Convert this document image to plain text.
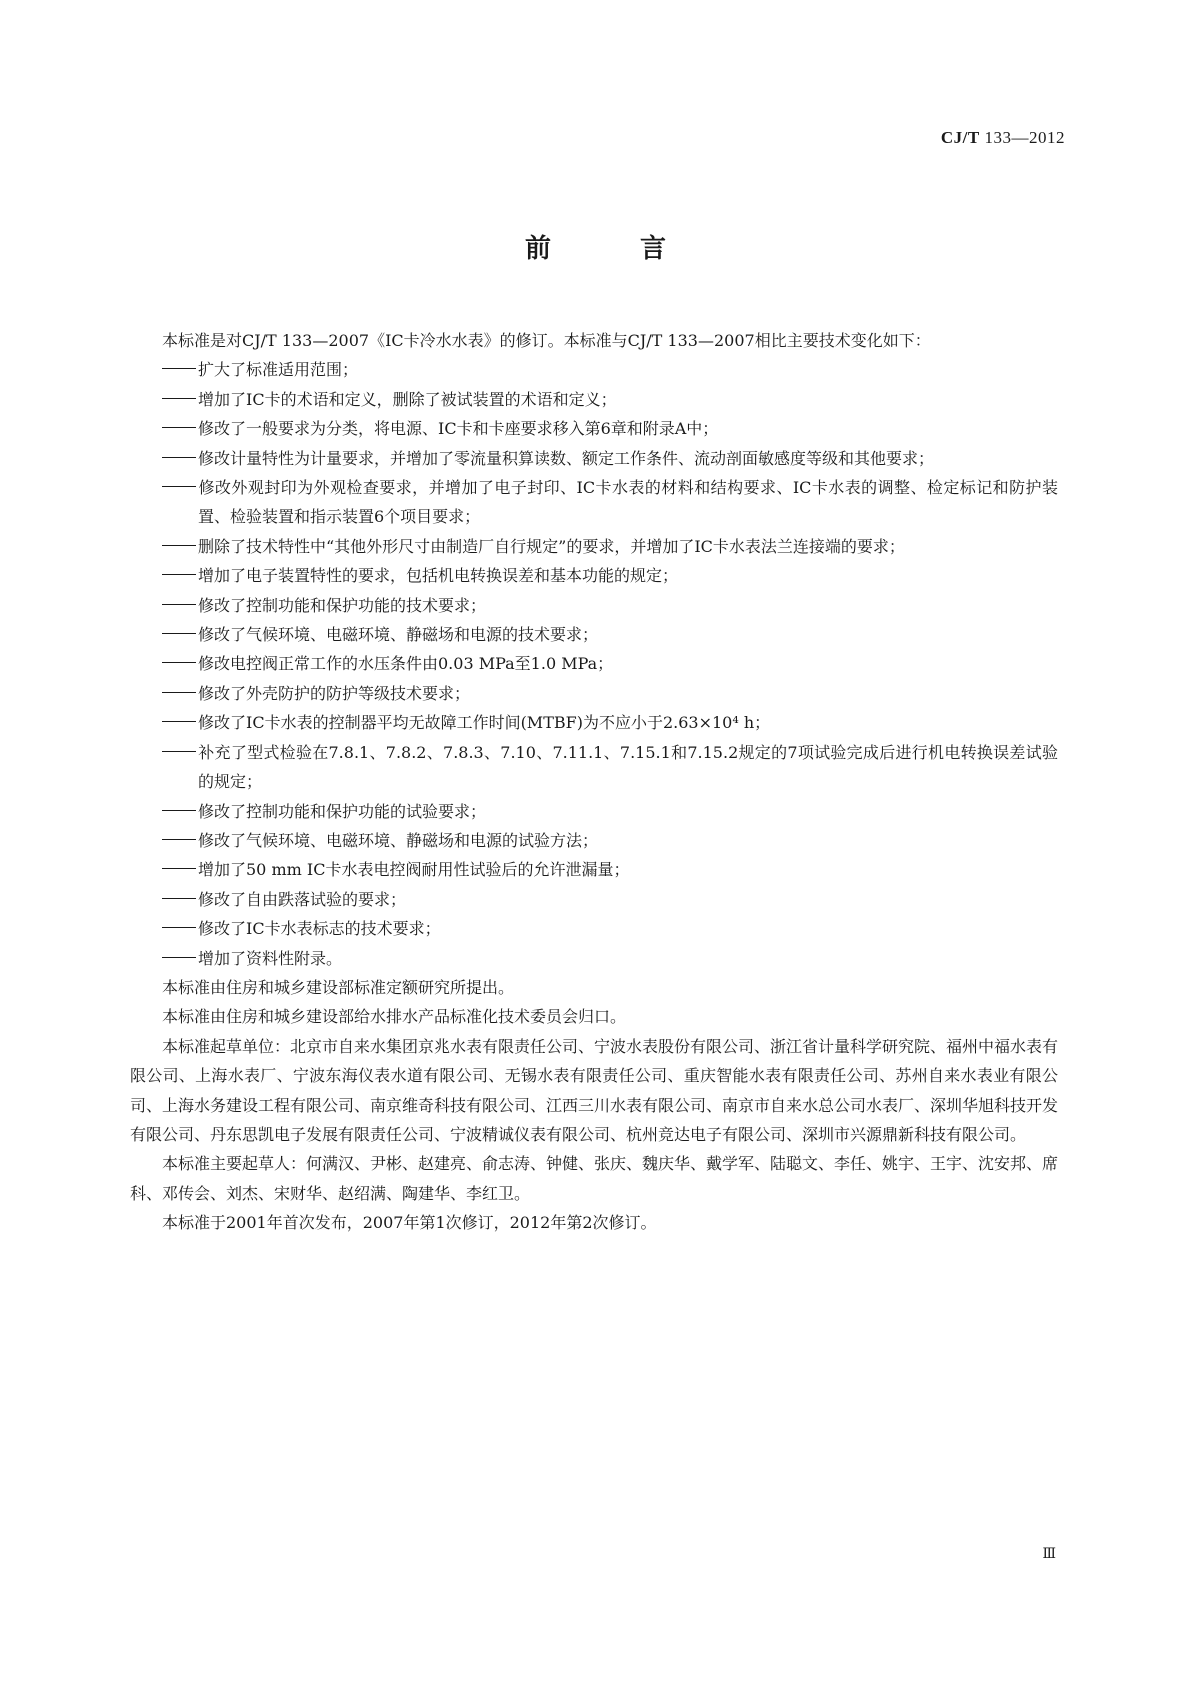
CJ/T 133—2012
前 言

本标准是对CJ/T 133—2007《IC卡冷水水表》的修订。本标准与CJ/T 133—2007相比主要技术变化如下：

扩大了标准适用范围；

增加了IC卡的术语和定义，删除了被试装置的术语和定义；

修改了一般要求为分类，将电源、IC卡和卡座要求移入第6章和附录A中；

修改计量特性为计量要求，并增加了零流量积算读数、额定工作条件、流动剖面敏感度等级和其他要求；

修改外观封印为外观检查要求，并增加了电子封印、IC卡水表的材料和结构要求、IC卡水表的调整、检定标记和防护装置、检验装置和指示装置6个项目要求；

删除了技术特性中“其他外形尺寸由制造厂自行规定”的要求，并增加了IC卡水表法兰连接端的要求；

增加了电子装置特性的要求，包括机电转换误差和基本功能的规定；

修改了控制功能和保护功能的技术要求；

修改了气候环境、电磁环境、静磁场和电源的技术要求；

修改电控阀正常工作的水压条件由0.03 MPa至1.0 MPa；

修改了外壳防护的防护等级技术要求；

修改了IC卡水表的控制器平均无故障工作时间(MTBF)为不应小于2.63×10⁴ h；

补充了型式检验在7.8.1、7.8.2、7.8.3、7.10、7.11.1、7.15.1和7.15.2规定的7项试验完成后进行机电转换误差试验的规定；

修改了控制功能和保护功能的试验要求；

修改了气候环境、电磁环境、静磁场和电源的试验方法；

增加了50 mm IC卡水表电控阀耐用性试验后的允许泄漏量；

修改了自由跌落试验的要求；

修改了IC卡水表标志的技术要求；

增加了资料性附录。

本标准由住房和城乡建设部标准定额研究所提出。

本标准由住房和城乡建设部给水排水产品标准化技术委员会归口。

本标准起草单位：北京市自来水集团京兆水表有限责任公司、宁波水表股份有限公司、浙江省计量科学研究院、福州中福水表有限公司、上海水表厂、宁波东海仪表水道有限公司、无锡水表有限责任公司、重庆智能水表有限责任公司、苏州自来水表业有限公司、上海水务建设工程有限公司、南京维奇科技有限公司、江西三川水表有限公司、南京市自来水总公司水表厂、深圳华旭科技开发有限公司、丹东思凯电子发展有限责任公司、宁波精诚仪表有限公司、杭州竞达电子有限公司、深圳市兴源鼎新科技有限公司。

本标准主要起草人：何满汉、尹彬、赵建亮、俞志涛、钟健、张庆、魏庆华、戴学军、陆聪文、李任、姚宇、王宇、沈安邦、席科、邓传会、刘杰、宋财华、赵绍满、陶建华、李红卫。

本标准于2001年首次发布，2007年第1次修订，2012年第2次修订。

Ⅲ
